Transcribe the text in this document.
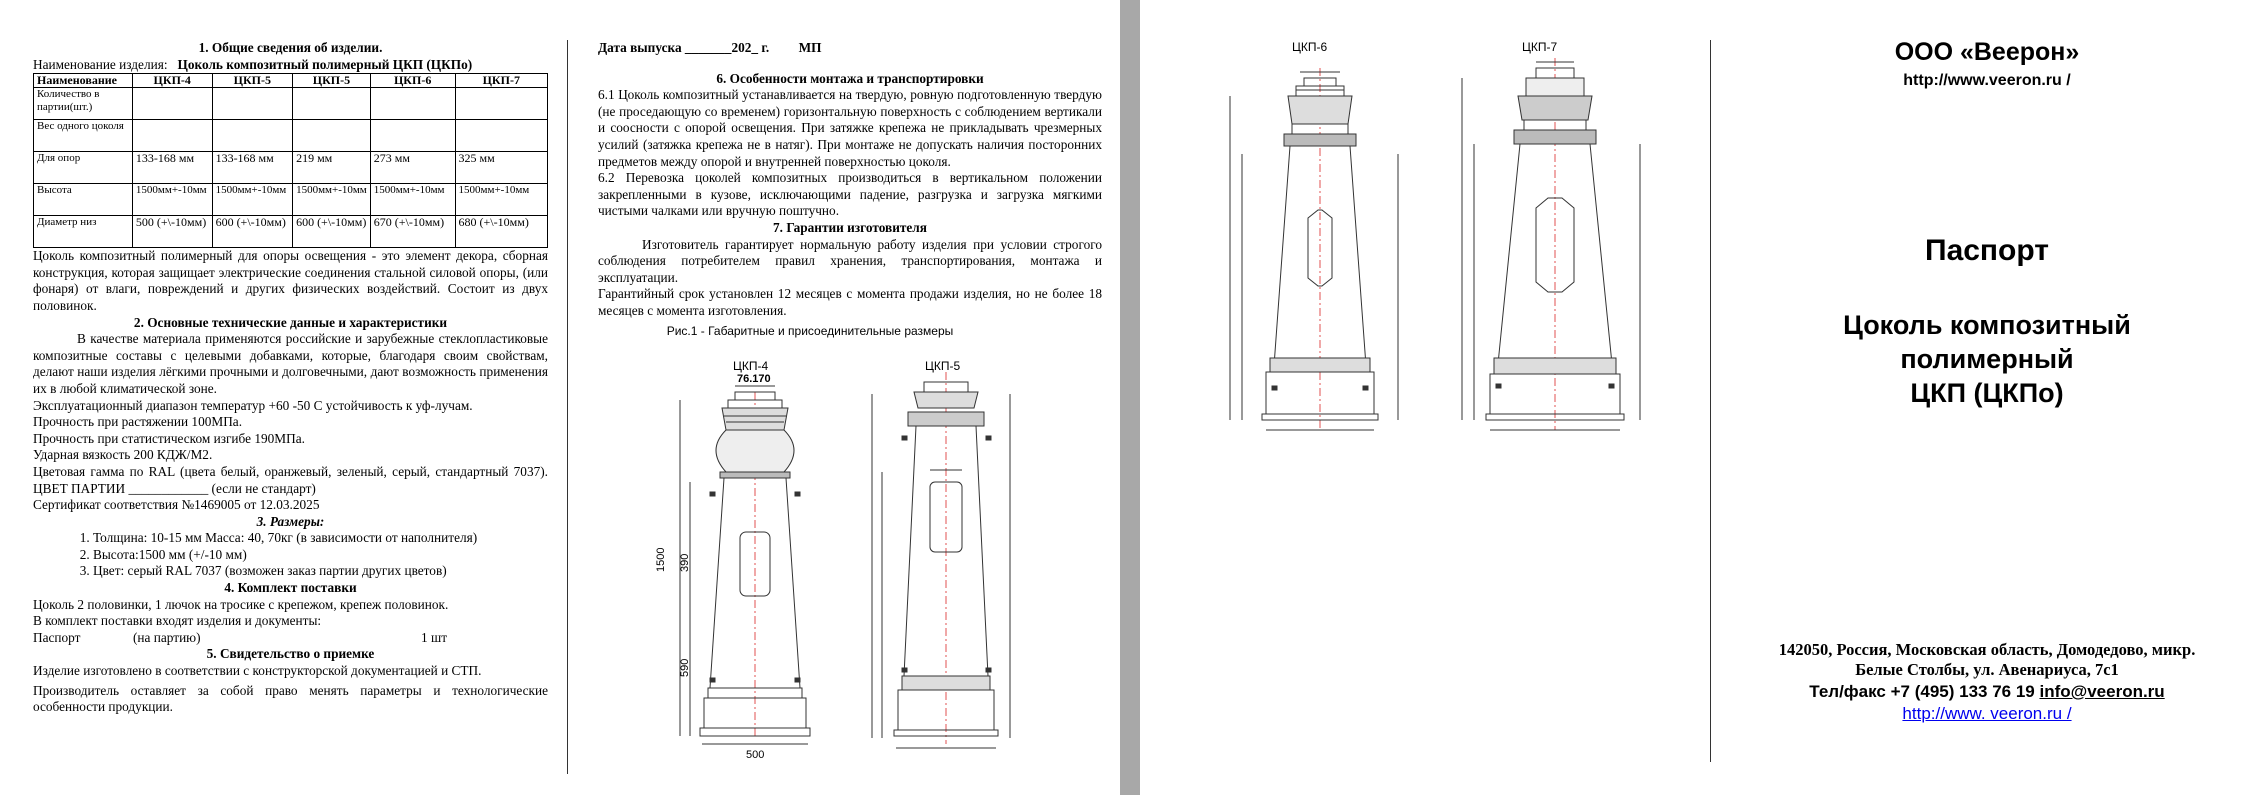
1. Общие сведения об изделии.
Наименование изделия: Цоколь композитный полимерный ЦКП (ЦКПо)
Наименование	ЦКП-4	ЦКП-5	ЦКП-5	ЦКП-6	ЦКП-7
Количество в партии(шт.)					
Вес одного цоколя					
Для опор	133-168 мм	133-168 мм	219 мм	273 мм	325 мм
Высота	1500мм+-10мм	1500мм+-10мм	1500мм+-10мм	1500мм+-10мм	1500мм+-10мм
Диаметр низ	500 (+\-10мм)	600 (+\-10мм)	600 (+\-10мм)	670 (+\-10мм)	680 (+\-10мм)
Цоколь композитный полимерный для опоры освещения - это элемент декора, сборная конструкция, которая защищает электрические соединения стальной силовой опоры, (или фонаря) от влаги, повреждений и других физических воздействий. Состоит из двух половинок.
2. Основные технические данные и характеристики
В качестве материала применяются российские и зарубежные стеклопластиковые композитные составы с целевыми добавками, которые, благодаря своим свойствам, делают наши изделия лёгкими прочными и долговечными, дают возможность применения их в любой климатической зоне.
Эксплуатационный диапазон температур +60 -50 С устойчивость к уф-лучам.
Прочность при растяжении 100МПа.
Прочность при статистическом изгибе 190МПа.
Ударная вязкость 200 КДЖ/М2.
Цветовая гамма по RAL (цвета белый, оранжевый, зеленый, серый, стандартный 7037). ЦВЕТ ПАРТИИ ____________ (если не стандарт)
Сертификат соответствия №1469005 от 12.03.2025
3. Размеры:
1. Толщина: 10-15 мм Масса: 40, 70кг (в зависимости от наполнителя)
2. Высота:1500 мм (+/-10 мм)
3. Цвет: серый RAL 7037 (возможен заказ партии других цветов)
4. Комплект поставки
Цоколь 2 половинки, 1 лючок на тросике с крепежом, крепеж половинок.
В комплект поставки входят изделия и документы:
Паспорт	(на партию)	1 шт
5. Свидетельство о приемке
Изделие изготовлено в соответствии с конструкторской документацией и СТП.
Производитель оставляет за собой право менять параметры и технологические особенности продукции.
Дата выпуска _______202_ г. МП
6. Особенности монтажа и транспортировки
6.1 Цоколь композитный устанавливается на твердую, ровную подготовленную твердую (не проседающую со временем) горизонтальную поверхность с соблюдением вертикали и соосности с опорой освещения. При затяжке крепежа не прикладывать чрезмерных усилий (затяжка крепежа не в натяг). При монтаже не допускать наличия посторонних предметов между опорой и внутренней поверхностью цоколя.
6.2 Перевозка цоколей композитных производиться в вертикальном положении закрепленными в кузове, исключающими падение, разгрузка и загрузка мягкими чистыми чалками или вручную поштучно.
7. Гарантии изготовителя
Изготовитель гарантирует нормальную работу изделия при условии строгого соблюдения потребителем правил хранения, транспортирования, монтажа и эксплуатации.
Гарантийный срок установлен 12 месяцев с момента продажи изделия, но не более 18 месяцев с момента изготовления.
Рис.1 - Габаритные и присоединительные размеры
ЦКП-4	ЦКП-5
76.170
1500 390
590
500
ЦКП-6	ЦКП-7	ООО «Веерон»
http://www.veeron.ru /
Паспорт
Цоколь композитный
полимерный
ЦКП (ЦКПо)
142050, Россия, Московская область, Домодедово, микр.
Белые Столбы, ул. Авенариуса, 7с1
Тел/факс +7 (495) 133 76 19 info@veeron.ru
http://www. veeron.ru /
